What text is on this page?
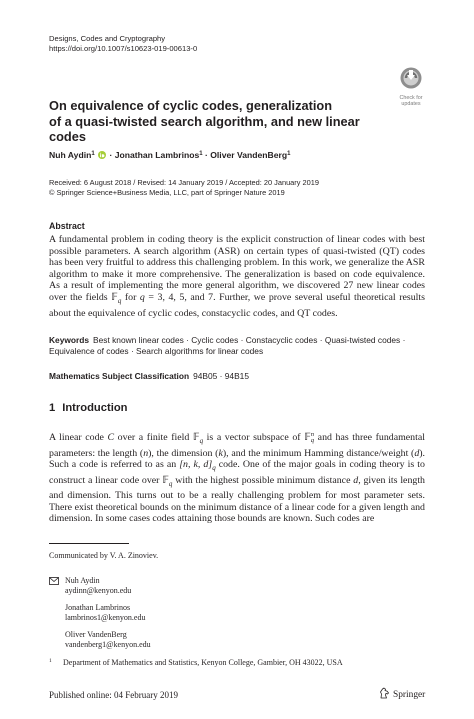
Designs, Codes and Cryptography
https://doi.org/10.1007/s10623-019-00613-0
Check for
updates
On equivalence of cyclic codes, generalization
of a quasi-twisted search algorithm, and new linear codes
Nuh Aydin$^1$ · Jonathan Lambrinos$^1$ · Oliver VandenBerg$^1$
Received: 6 August 2018 / Revised: 14 January 2019 / Accepted: 20 January 2019
© Springer Science+Business Media, LLC, part of Springer Nature 2019
Abstract
A fundamental problem in coding theory is the explicit construction of linear codes with best possible parameters. A search algorithm (ASR) on certain types of quasi-twisted (QT) codes has been very fruitful to address this challenging problem. In this work, we generalize the ASR algorithm to make it more comprehensive. The generalization is based on code equivalence. As a result of implementing the more general algorithm, we discovered 27 new linear codes over the fields 𝔽$_q$ for q = 3, 4, 5, and 7. Further, we prove several useful theoretical results about the equivalence of cyclic codes, constacyclic codes, and QT codes.
Keywords Best known linear codes · Cyclic codes · Constacyclic codes · Quasi-twisted codes · Equivalence of codes · Search algorithms for linear codes
Mathematics Subject Classification 94B05 · 94B15
1 Introduction
A linear code C over a finite field 𝔽$_q$ is a vector subspace of 𝔽 n
q and has three fundamental parameters: the length (n), the dimension (k), and the minimum Hamming distance/weight (d). Such a code is referred to as an [n, k, $d]_q$ code. One of the major goals in coding theory is to construct a linear code over 𝔽$_q$ with the highest possible minimum distance d, given its length and dimension. This turns out to be a really challenging problem for most parameter sets. There exist theoretical bounds on the minimum distance of a linear code for a given length and dimension. In some cases codes attaining those bounds are known. Such codes are
Communicated by V. A. Zinoviev.
Nuh Aydin
aydinn@kenyon.edu
Jonathan Lambrinos
lambrinos1@kenyon.edu
Oliver VandenBerg
vandenberg1@kenyon.edu
$^1$ Department of Mathematics and Statistics, Kenyon College, Gambier, OH 43022, USA
Published online: 04 February 2019	Springer
